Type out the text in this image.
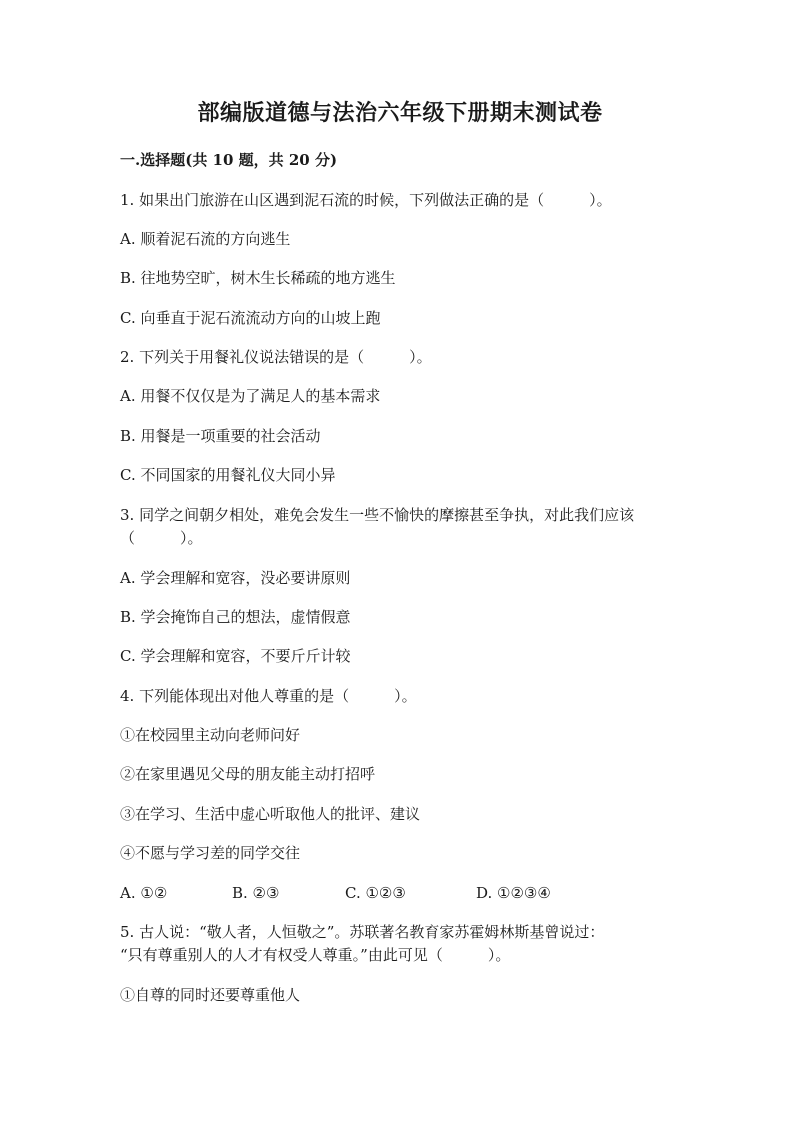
部编版道德与法治六年级下册期末测试卷
一.选择题(共 10 题，共 20 分)
1. 如果出门旅游在山区遇到泥石流的时候，下列做法正确的是（　　　）。
A. 顺着泥石流的方向逃生
B. 往地势空旷，树木生长稀疏的地方逃生
C. 向垂直于泥石流流动方向的山坡上跑
2. 下列关于用餐礼仪说法错误的是（　　　）。
A. 用餐不仅仅是为了满足人的基本需求
B. 用餐是一项重要的社会活动
C. 不同国家的用餐礼仪大同小异
3. 同学之间朝夕相处，难免会发生一些不愉快的摩擦甚至争执，对此我们应该
（　　　）。
A. 学会理解和宽容，没必要讲原则
B. 学会掩饰自己的想法，虚情假意
C. 学会理解和宽容，不要斤斤计较
4. 下列能体现出对他人尊重的是（　　　）。
①在校园里主动向老师问好
②在家里遇见父母的朋友能主动打招呼
③在学习、生活中虚心听取他人的批评、建议
④不愿与学习差的同学交往
A. ①②	B. ②③	C. ①②③	D. ①②③④
5. 古人说：“敬人者，人恒敬之”。苏联著名教育家苏霍姆林斯基曾说过：
“只有尊重别人的人才有权受人尊重。”由此可见（　　　）。
①自尊的同时还要尊重他人
